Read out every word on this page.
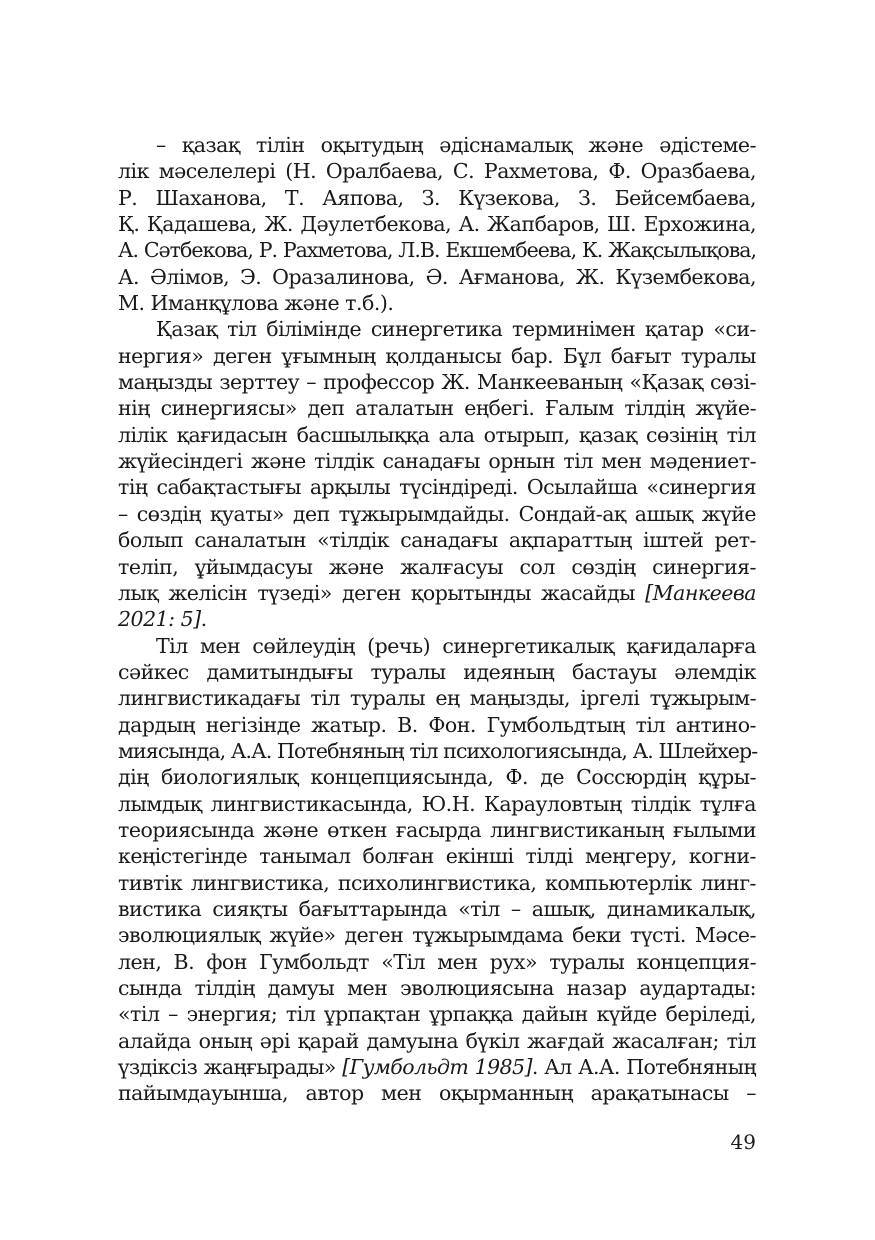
– қазақ тілін оқытудың әдіснамалық және әдістеме-
лік мәселелері (Н. Оралбаева, С. Рахметова, Ф. Оразбаева,
Р. Шаханова, Т. Аяпова, З. Күзекова, З. Бейсембаева,
Қ. Қадашева, Ж. Дәулетбекова, А. Жапбаров, Ш. Ерхожина,
А. Сәтбекова, Р. Рахметова, Л.В. Екшембеева, К. Жақсылықова,
А. Әлімов, Э. Оразалинова, Ә. Ағманова, Ж. Күзембекова,
М. Иманқұлова және т.б.).
Қазақ тіл білімінде синергетика терминімен қатар «си-
нергия» деген ұғымның қолданысы бар. Бұл бағыт туралы
маңызды зерттеу – профессор Ж. Манкееваның «Қазақ сөзі-
нің синергиясы» деп аталатын еңбегі. Ғалым тілдің жүйе-
лілік қағидасын басшылыққа ала отырып, қазақ сөзінің тіл
жүйесіндегі және тілдік санадағы орнын тіл мен мәдениет-
тің сабақтастығы арқылы түсіндіреді. Осылайша «синергия
– сөздің қуаты» деп тұжырымдайды. Сондай-ақ ашық жүйе
болып саналатын «тілдік санадағы ақпараттың іштей рет-
теліп, ұйымдасуы және жалғасуы сол сөздің синергия-
лық желісін түзеді» деген қорытынды жасайды [Манкеева
2021: 5].
Тіл мен сөйлеудің (речь) синергетикалық қағидаларға
сәйкес дамитындығы туралы идеяның бастауы әлемдік
лингвистикадағы тіл туралы ең маңызды, іргелі тұжырым-
дардың негізінде жатыр. В. Фон. Гумбольдтың тіл антино-
миясында, А.А. Потебняның тіл психологиясында, А. Шлейхер-
дің биологиялық концепциясында, Ф. де Соссюрдің құры-
лымдық лингвистикасында, Ю.Н. Карауловтың тілдік тұлға
теориясында және өткен ғасырда лингвистиканың ғылыми
кеңістегінде танымал болған екінші тілді меңгеру, когни-
тивтік лингвистика, психолингвистика, компьютерлік линг-
вистика сияқты бағыттарында «тіл – ашық, динамикалық,
эволюциялық жүйе» деген тұжырымдама беки түсті. Мәсе-
лен, В. фон Гумбольдт «Тіл мен рух» туралы концепция-
сында тілдің дамуы мен эволюциясына назар аудартады:
«тіл – энергия; тіл ұрпақтан ұрпаққа дайын күйде беріледі,
алайда оның әрі қарай дамуына бүкіл жағдай жасалған; тіл
үздіксіз жаңғырады» [Гумбольдт 1985]. Ал А.А. Потебняның
пайымдауынша, автор мен оқырманның арақатынасы –
49
